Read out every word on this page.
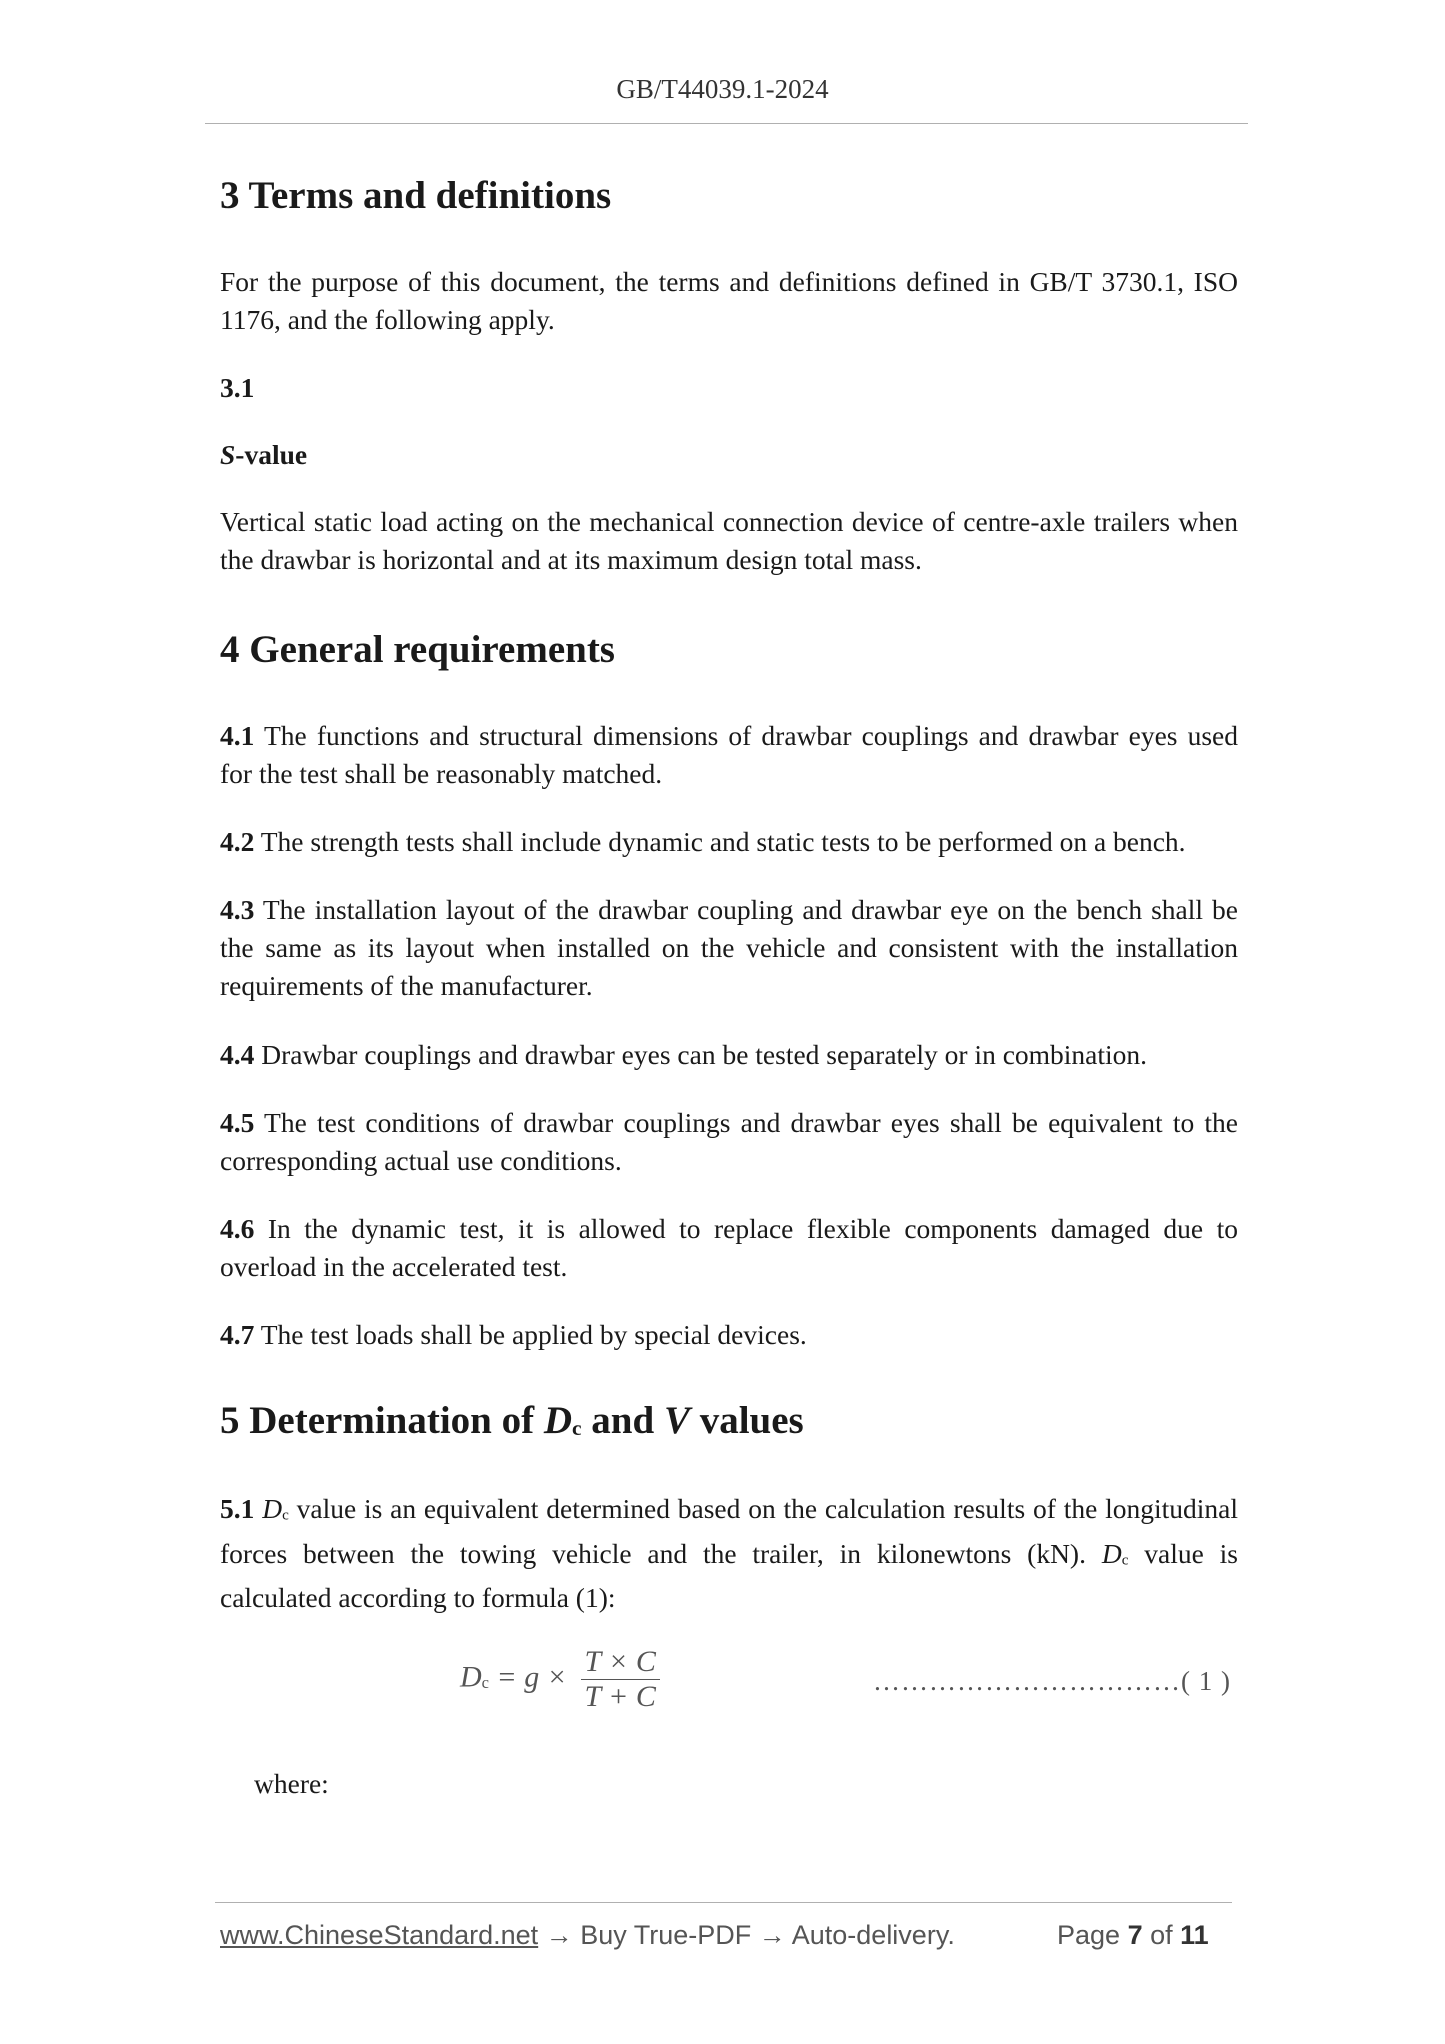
GB/T44039.1-2024
3 Terms and definitions

For the purpose of this document, the terms and definitions defined in GB/T 3730.1, ISO 1176, and the following apply.

3.1
S-value

Vertical static load acting on the mechanical connection device of centre-axle trailers when the drawbar is horizontal and at its maximum design total mass.

4 General requirements

4.1 The functions and structural dimensions of drawbar couplings and drawbar eyes used for the test shall be reasonably matched.

4.2 The strength tests shall include dynamic and static tests to be performed on a bench.

4.3 The installation layout of the drawbar coupling and drawbar eye on the bench shall be the same as its layout when installed on the vehicle and consistent with the installation requirements of the manufacturer.

4.4 Drawbar couplings and drawbar eyes can be tested separately or in combination.

4.5 The test conditions of drawbar couplings and drawbar eyes shall be equivalent to the corresponding actual use conditions.

4.6 In the dynamic test, it is allowed to replace flexible components damaged due to overload in the accelerated test.

4.7 The test loads shall be applied by special devices.

5 Determination of $D_c$ and V values

5.1 $D_c$ value is an equivalent determined based on the calculation results of the longitudinal forces between the towing vehicle and the trailer, in kilonewtons (kN). $D_c$ value is calculated according to formula (1):

$D_c = g \times \frac{T \times C}{T + C}$	……………………………( 1 )
where:
www.ChineseStandard.net → Buy True-PDF → Auto-delivery.	Page 7 of 11
